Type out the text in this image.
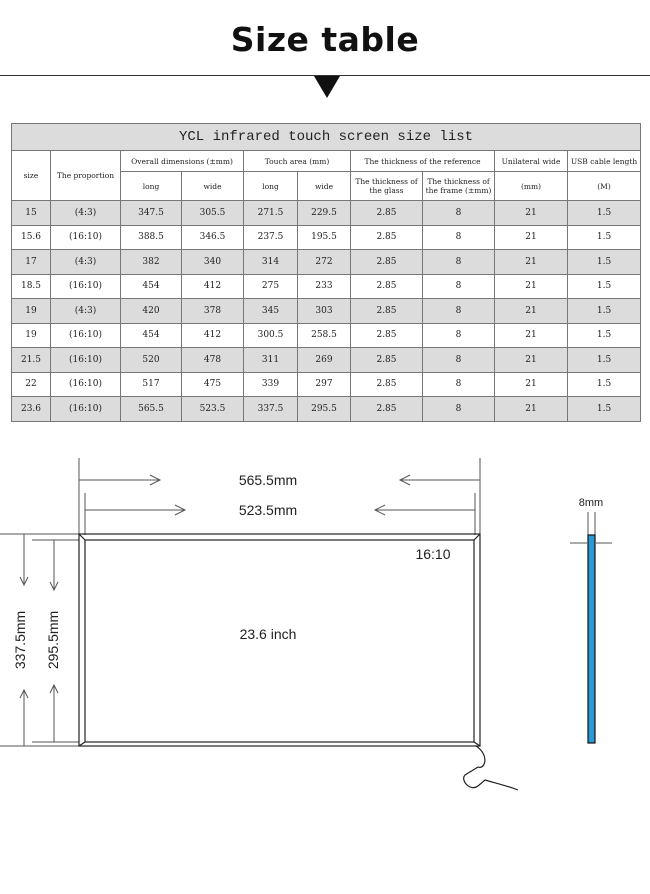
Size table
YCL infrared touch screen size list									
size	The proportion	Overall dimensions (±mm)		Touch area (mm)		The thickness of the reference		Unilateral wide	USB cable length
		long	wide	long	wide	The thickness of the glass	The thickness of the frame (±mm)	(mm)	(M)
15	(4:3)	347.5	305.5	271.5	229.5	2.85	8	21	1.5
15.6	(16:10)	388.5	346.5	237.5	195.5	2.85	8	21	1.5
17	(4:3)	382	340	314	272	2.85	8	21	1.5
18.5	(16:10)	454	412	275	233	2.85	8	21	1.5
19	(4:3)	420	378	345	303	2.85	8	21	1.5
19	(16:10)	454	412	300.5	258.5	2.85	8	21	1.5
21.5	(16:10)	520	478	311	269	2.85	8	21	1.5
22	(16:10)	517	475	339	297	2.85	8	21	1.5
23.6	(16:10)	565.5	523.5	337.5	295.5	2.85	8	21	1.5
565.5mm
523.5mm
16:10
23.6 inch
337.5mm 295.5mm
8mm
